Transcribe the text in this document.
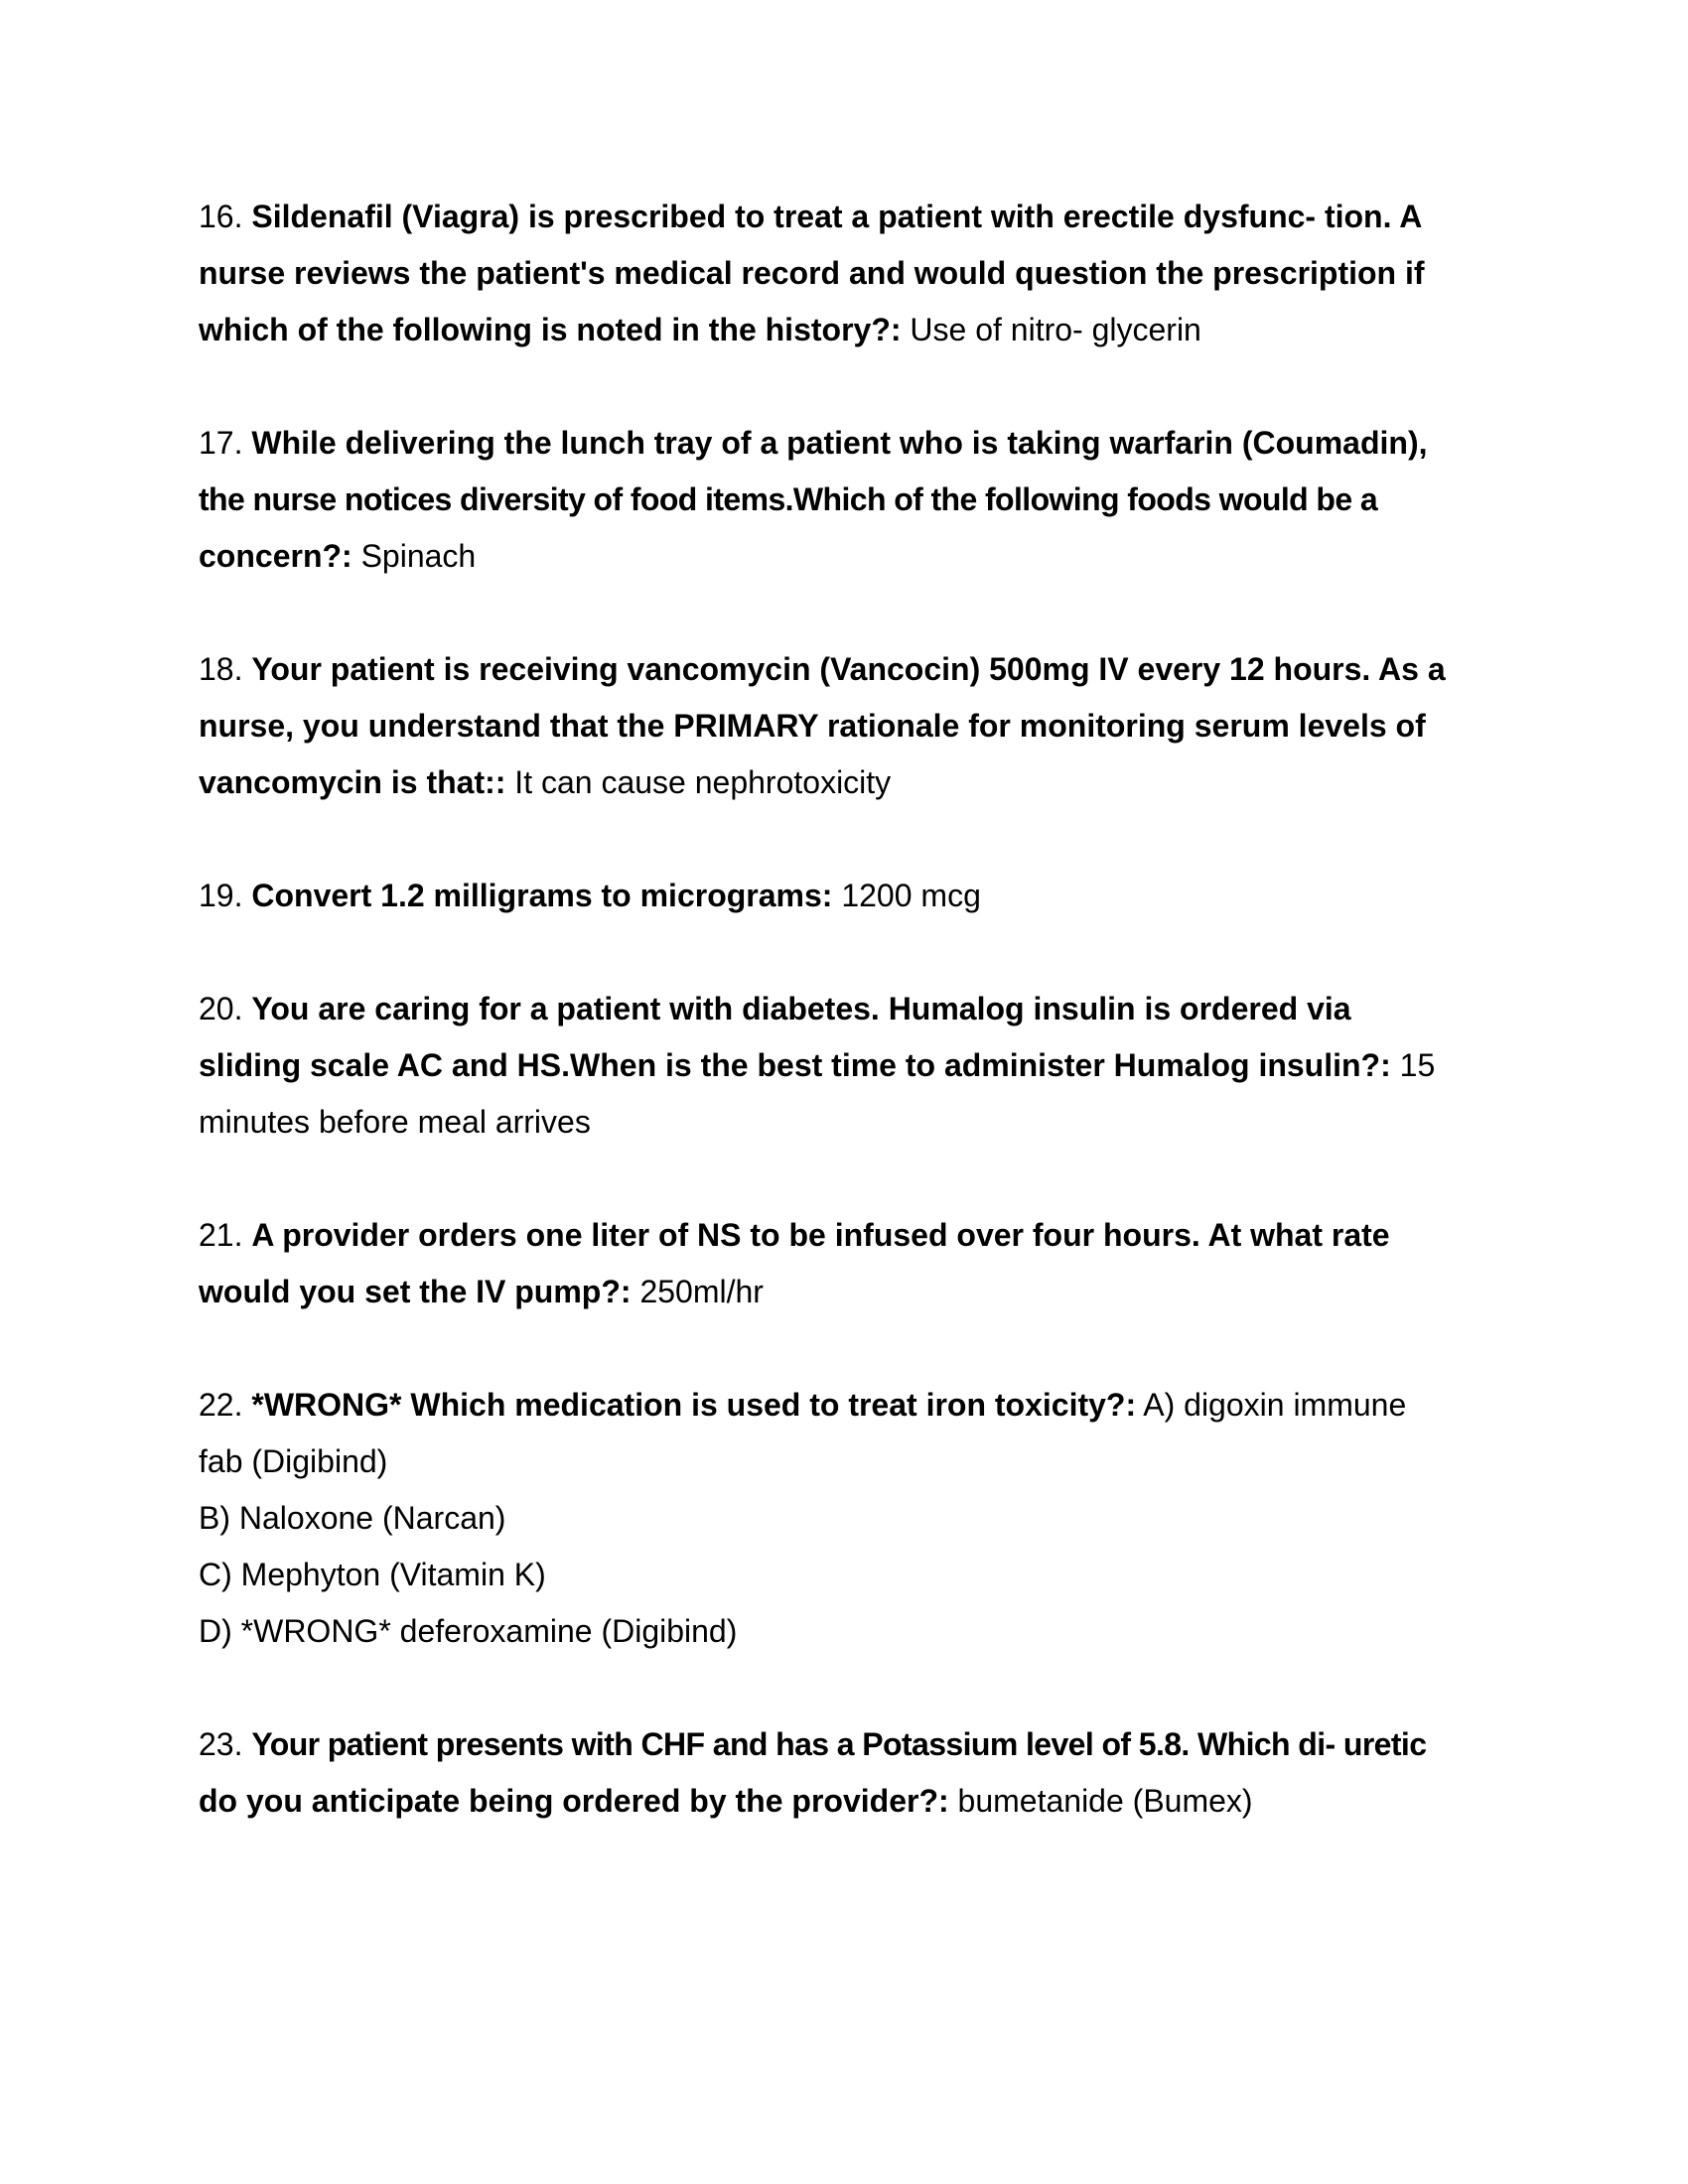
16. Sildenafil (Viagra) is prescribed to treat a patient with erectile dysfunc- tion. A
nurse reviews the patient's medical record and would question the prescription if
which of the following is noted in the history?: Use of nitro- glycerin
17. While delivering the lunch tray of a patient who is taking warfarin (Coumadin),
the nurse notices diversity of food items.Which of the following foods would be a
concern?: Spinach
18. Your patient is receiving vancomycin (Vancocin) 500mg IV every 12 hours. As a
nurse, you understand that the PRIMARY rationale for monitoring serum levels of
vancomycin is that:: It can cause nephrotoxicity
19. Convert 1.2 milligrams to micrograms: 1200 mcg
20. You are caring for a patient with diabetes. Humalog insulin is ordered via
sliding scale AC and HS.When is the best time to administer Humalog insulin?: 15
minutes before meal arrives
21. A provider orders one liter of NS to be infused over four hours. At what rate
would you set the IV pump?: 250ml/hr
22. *WRONG* Which medication is used to treat iron toxicity?: A) digoxin immune
fab (Digibind)
B) Naloxone (Narcan)
C) Mephyton (Vitamin K)
D) *WRONG* deferoxamine (Digibind)
23. Your patient presents with CHF and has a Potassium level of 5.8. Which di- uretic
do you anticipate being ordered by the provider?: bumetanide (Bumex)
